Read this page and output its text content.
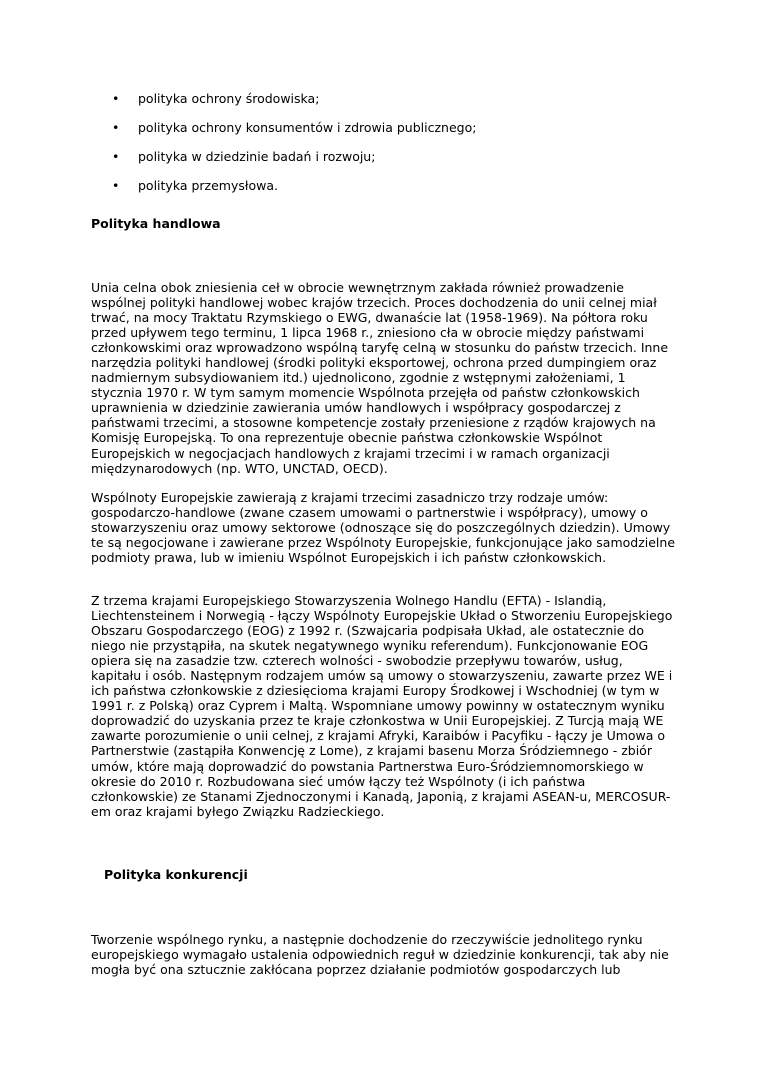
• polityka ochrony środowiska;
• polityka ochrony konsumentów i zdrowia publicznego;
• polityka w dziedzinie badań i rozwoju;
• polityka przemysłowa.
Polityka handlowa

Unia celna obok zniesienia ceł w obrocie wewnętrznym zakłada również prowadzenie wspólnej polityki handlowej wobec krajów trzecich. Proces dochodzenia do unii celnej miał trwać, na mocy Traktatu Rzymskiego o EWG, dwanaście lat (1958-1969). Na półtora roku przed upływem tego terminu, 1 lipca 1968 r., zniesiono cła w obrocie między państwami członkowskimi oraz wprowadzono wspólną taryfę celną w stosunku do państw trzecich. Inne narzędzia polityki handlowej (środki polityki eksportowej, ochrona przed dumpingiem oraz nadmiernym subsydiowaniem itd.) ujednolicono, zgodnie z wstępnymi założeniami, 1 stycznia 1970 r. W tym samym momencie Wspólnota przejęła od państw członkowskich uprawnienia w dziedzinie zawierania umów handlowych i współpracy gospodarczej z państwami trzecimi, a stosowne kompetencje zostały przeniesione z rządów krajowych na Komisję Europejską. To ona reprezentuje obecnie państwa członkowskie Wspólnot Europejskich w negocjacjach handlowych z krajami trzecimi i w ramach organizacji międzynarodowych (np. WTO, UNCTAD, OECD).

Wspólnoty Europejskie zawierają z krajami trzecimi zasadniczo trzy rodzaje umów: gospodarczo-handlowe (zwane czasem umowami o partnerstwie i współpracy), umowy o stowarzyszeniu oraz umowy sektorowe (odnoszące się do poszczególnych dziedzin). Umowy te są negocjowane i zawierane przez Wspólnoty Europejskie, funkcjonujące jako samodzielne podmioty prawa, lub w imieniu Wspólnot Europejskich i ich państw członkowskich.

Z trzema krajami Europejskiego Stowarzyszenia Wolnego Handlu (EFTA) - Islandią, Liechtensteinem i Norwegią - łączy Wspólnoty Europejskie Układ o Stworzeniu Europejskiego Obszaru Gospodarczego (EOG) z 1992 r. (Szwajcaria podpisała Układ, ale ostatecznie do niego nie przystąpiła, na skutek negatywnego wyniku referendum). Funkcjonowanie EOG opiera się na zasadzie tzw. czterech wolności - swobodzie przepływu towarów, usług, kapitału i osób. Następnym rodzajem umów są umowy o stowarzyszeniu, zawarte przez WE i ich państwa członkowskie z dziesięcioma krajami Europy Środkowej i Wschodniej (w tym w 1991 r. z Polską) oraz Cyprem i Maltą. Wspomniane umowy powinny w ostatecznym wyniku doprowadzić do uzyskania przez te kraje członkostwa w Unii Europejskiej. Z Turcją mają WE zawarte porozumienie o unii celnej, z krajami Afryki, Karaibów i Pacyfiku - łączy je Umowa o Partnerstwie (zastąpiła Konwencję z Lome), z krajami basenu Morza Śródziemnego - zbiór umów, które mają doprowadzić do powstania Partnerstwa Euro-Śródziemnomorskiego w okresie do 2010 r. Rozbudowana sieć umów łączy też Wspólnoty (i ich państwa członkowskie) ze Stanami Zjednoczonymi i Kanadą, Japonią, z krajami ASEAN-u, MERCOSUR-em oraz krajami byłego Związku Radzieckiego.

Polityka konkurencji

Tworzenie wspólnego rynku, a następnie dochodzenie do rzeczywiście jednolitego rynku europejskiego wymagało ustalenia odpowiednich reguł w dziedzinie konkurencji, tak aby nie mogła być ona sztucznie zakłócana poprzez działanie podmiotów gospodarczych lub
